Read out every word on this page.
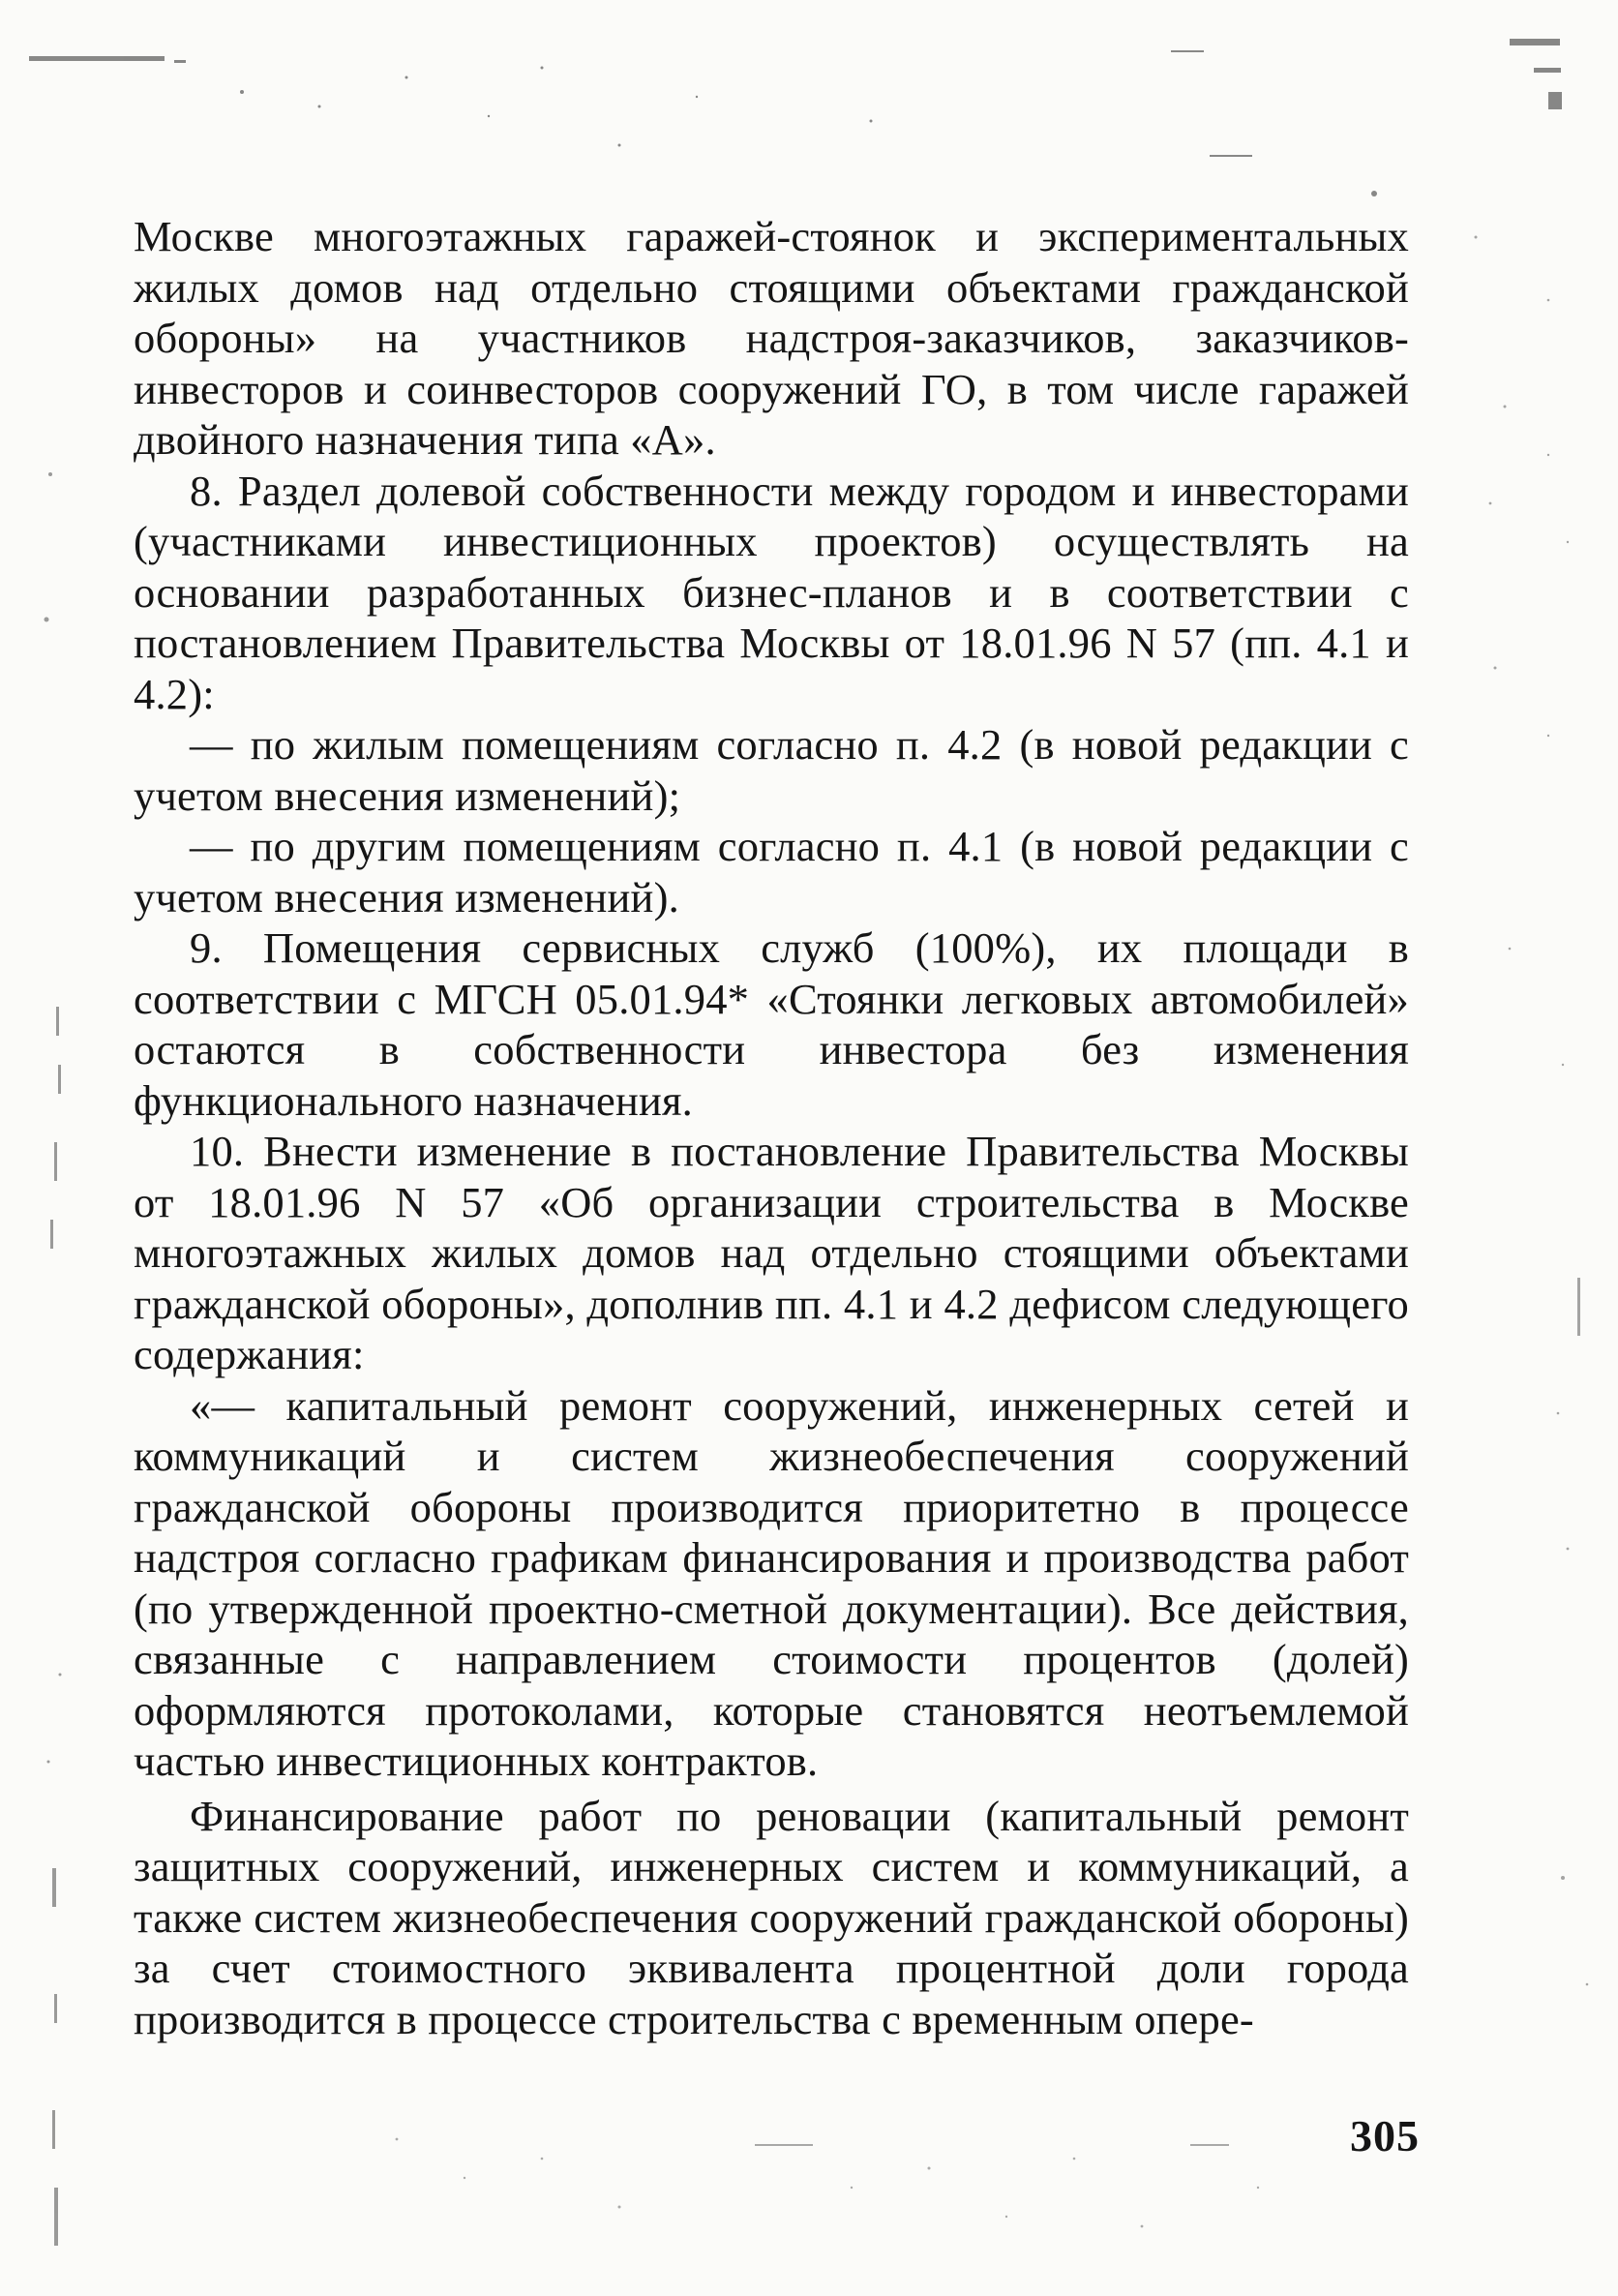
Москве многоэтажных гаражей-стоянок и экспериментальных жилых домов над отдельно стоящими объектами гражданской обороны» на участников надстроя-заказчиков, заказчиков-инвесторов и соинвесторов сооружений ГО, в том числе гаражей двойного назначения типа «А».

8. Раздел долевой собственности между городом и инвесторами (участниками инвестиционных проектов) осуществлять на основании разработанных бизнес-планов и в соответствии с постановлением Правительства Москвы от 18.01.96 N 57 (пп. 4.1 и 4.2):

— по жилым помещениям согласно п. 4.2 (в новой редакции с учетом внесения изменений);

— по другим помещениям согласно п. 4.1 (в новой редакции с учетом внесения изменений).

9. Помещения сервисных служб (100%), их площади в соответствии с МГСН 05.01.94* «Стоянки легковых автомобилей» остаются в собственности инвестора без изменения функционального назначения.

10. Внести изменение в постановление Правительства Москвы от 18.01.96 N 57 «Об организации строительства в Москве многоэтажных жилых домов над отдельно стоящими объектами гражданской обороны», дополнив пп. 4.1 и 4.2 дефисом следующего содержания:

«— капитальный ремонт сооружений, инженерных сетей и коммуникаций и систем жизнеобеспечения сооружений гражданской обороны производится приоритетно в процессе надстроя согласно графикам финансирования и производства работ (по утвержденной проектно-сметной документации). Все действия, связанные с направлением стоимости процентов (долей) оформляются протоколами, которые становятся неотъемлемой частью инвестиционных контрактов.

Финансирование работ по реновации (капитальный ремонт защитных сооружений, инженерных систем и коммуникаций, а также систем жизнеобеспечения сооружений гражданской обороны) за счет стоимостного эквивалента процентной доли города производится в процессе строительства с временным опере-

305
